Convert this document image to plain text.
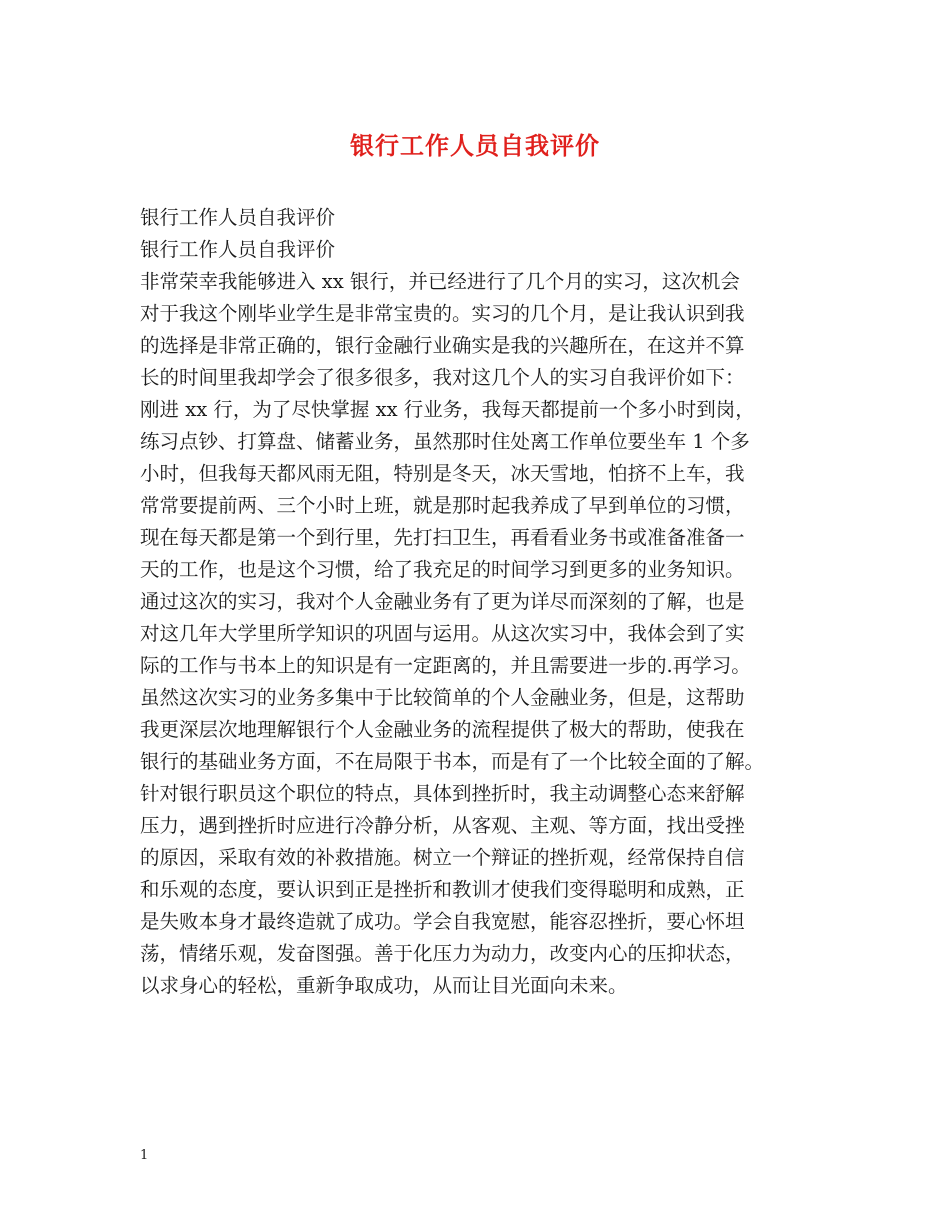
银行工作人员自我评价
银行工作人员自我评价
银行工作人员自我评价
非常荣幸我能够进入 xx 银行，并已经进行了几个月的实习，这次机会
对于我这个刚毕业学生是非常宝贵的。实习的几个月，是让我认识到我
的选择是非常正确的，银行金融行业确实是我的兴趣所在，在这并不算
长的时间里我却学会了很多很多，我对这几个人的实习自我评价如下：
刚进 xx 行，为了尽快掌握 xx 行业务，我每天都提前一个多小时到岗，
练习点钞、打算盘、储蓄业务，虽然那时住处离工作单位要坐车 1 个多
小时，但我每天都风雨无阻，特别是冬天，冰天雪地，怕挤不上车，我
常常要提前两、三个小时上班，就是那时起我养成了早到单位的习惯，
现在每天都是第一个到行里，先打扫卫生，再看看业务书或准备准备一
天的工作，也是这个习惯，给了我充足的时间学习到更多的业务知识。
通过这次的实习，我对个人金融业务有了更为详尽而深刻的了解，也是
对这几年大学里所学知识的巩固与运用。从这次实习中，我体会到了实
际的工作与书本上的知识是有一定距离的，并且需要进一步的.再学习。
虽然这次实习的业务多集中于比较简单的个人金融业务，但是，这帮助
我更深层次地理解银行个人金融业务的流程提供了极大的帮助，使我在
银行的基础业务方面，不在局限于书本，而是有了一个比较全面的了解。
针对银行职员这个职位的特点，具体到挫折时，我主动调整心态来舒解
压力，遇到挫折时应进行冷静分析，从客观、主观、等方面，找出受挫
的原因，采取有效的补救措施。树立一个辩证的挫折观，经常保持自信
和乐观的态度，要认识到正是挫折和教训才使我们变得聪明和成熟，正
是失败本身才最终造就了成功。学会自我宽慰，能容忍挫折，要心怀坦
荡，情绪乐观，发奋图强。善于化压力为动力，改变内心的压抑状态，
以求身心的轻松，重新争取成功，从而让目光面向未来。
1
